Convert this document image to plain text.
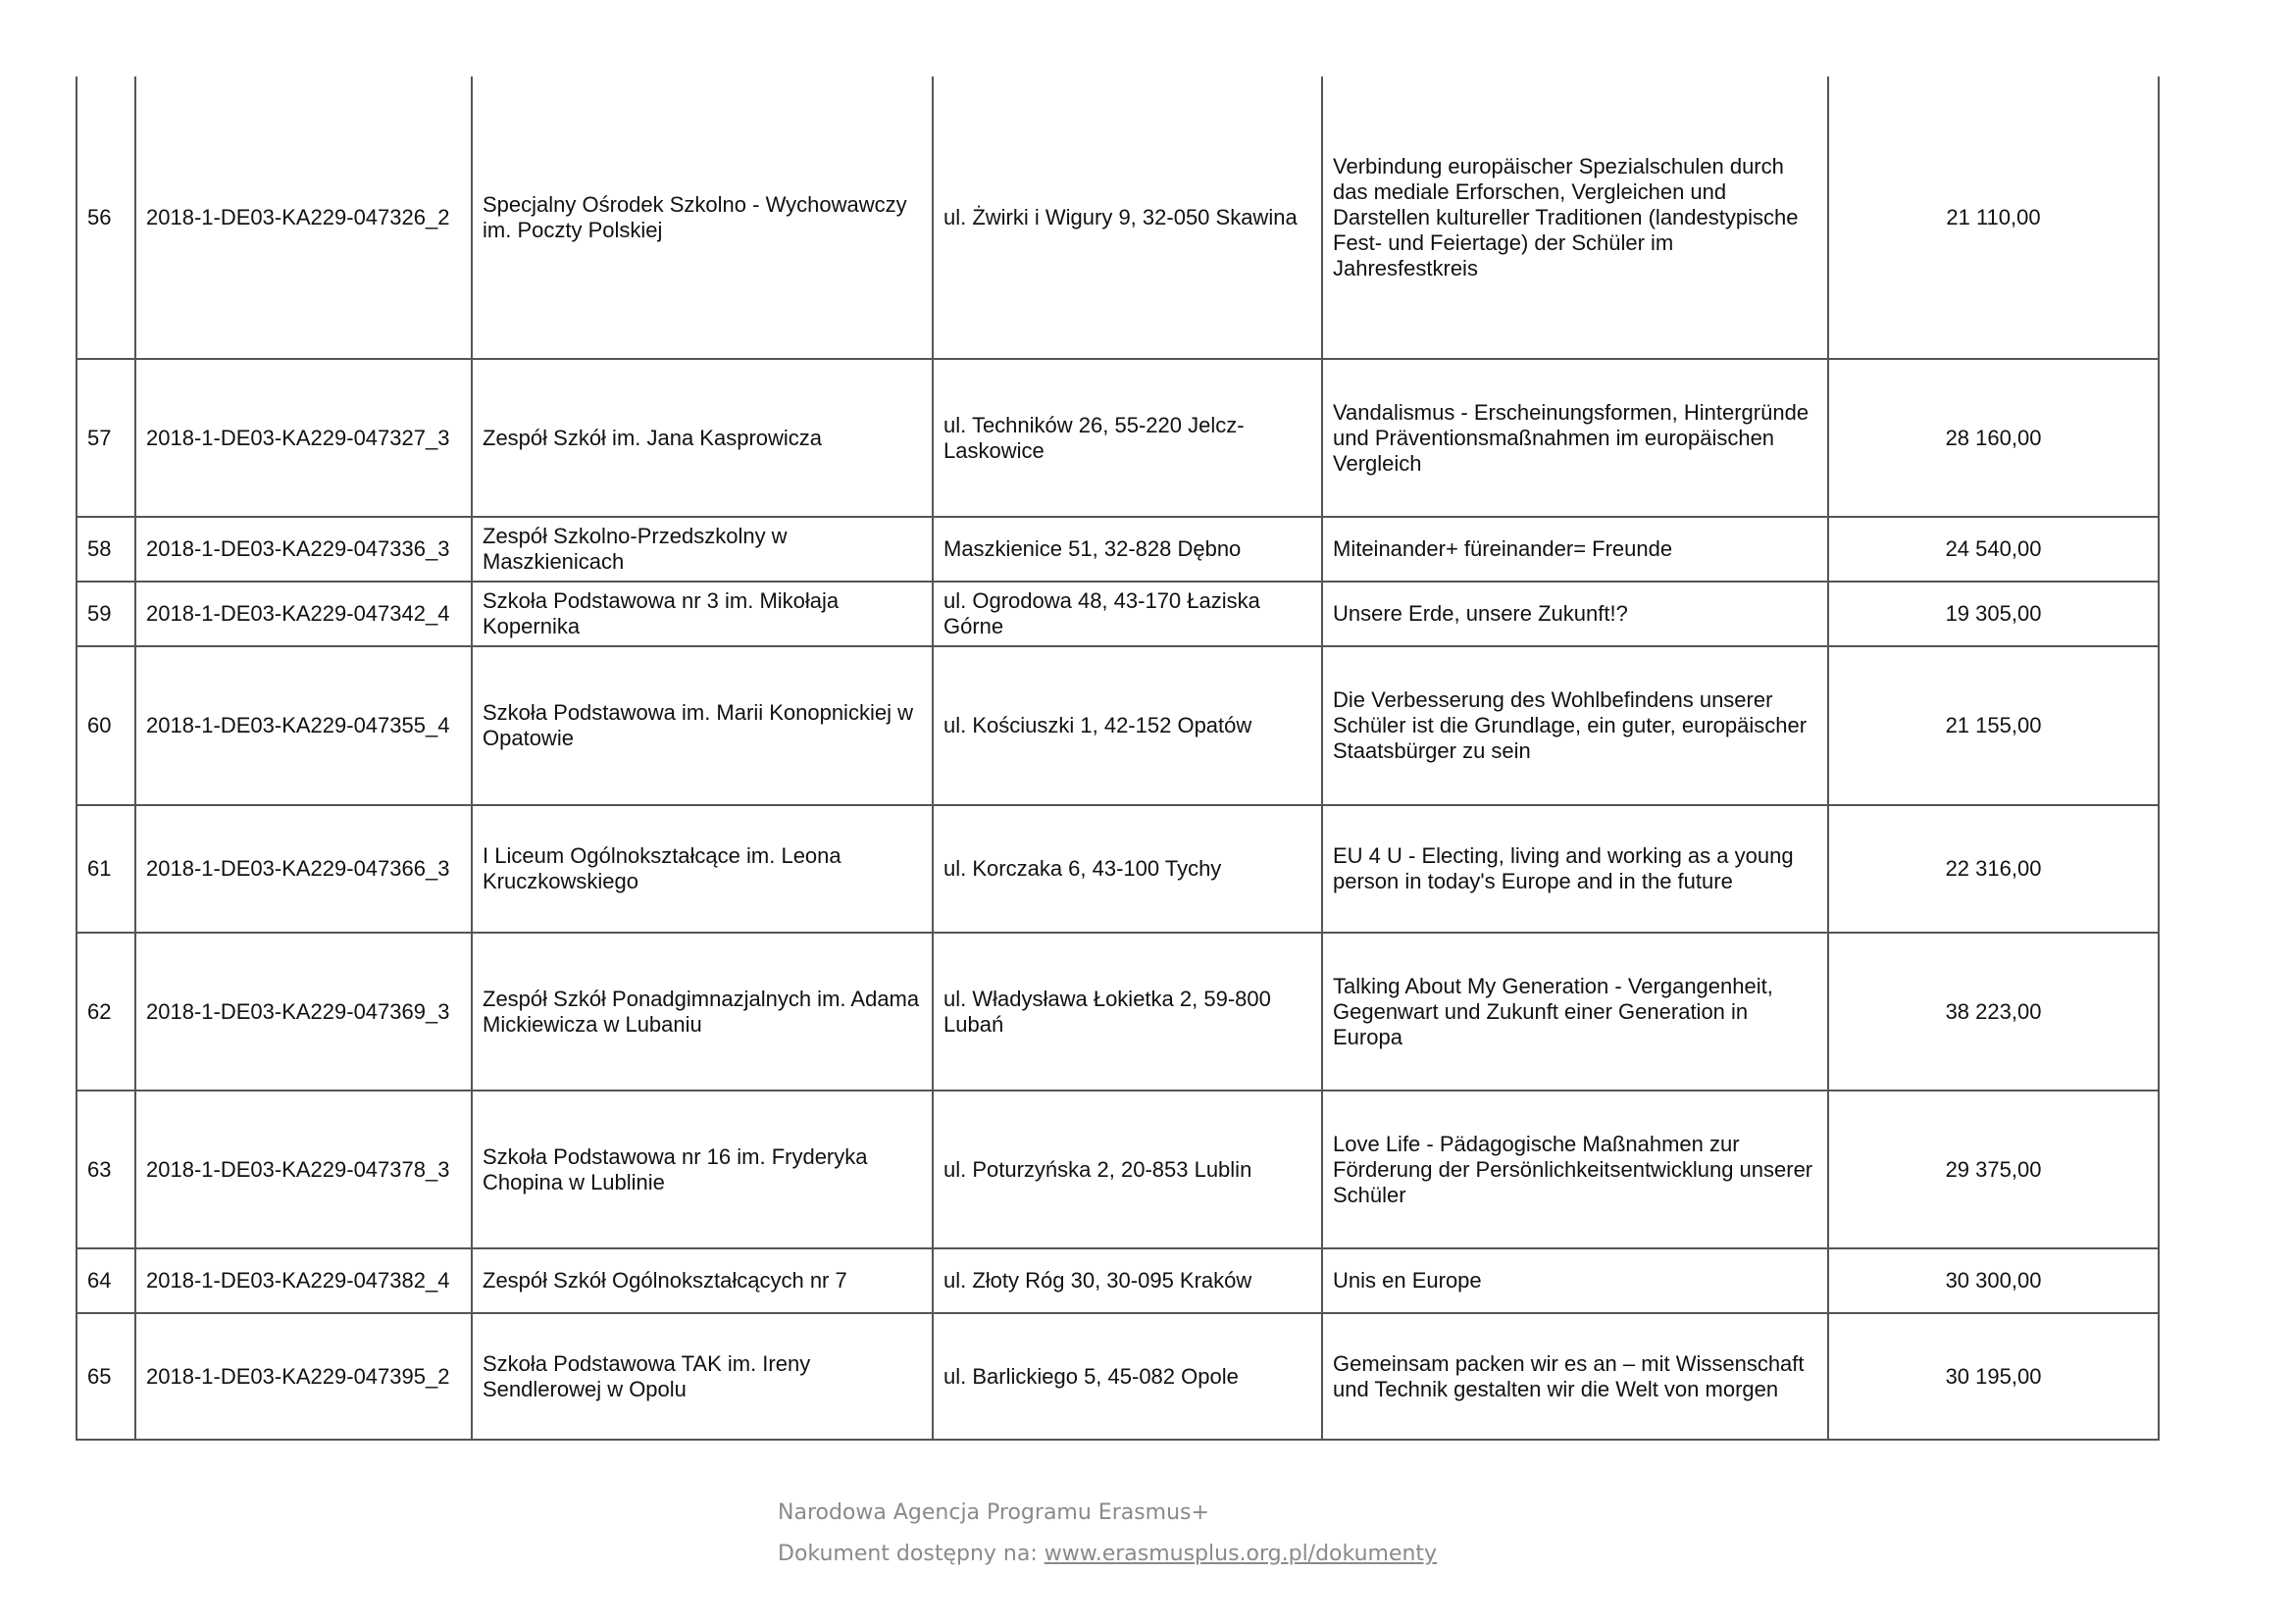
56	2018-1-DE03-KA229-047326_2	Specjalny Ośrodek Szkolno - Wychowawczy im. Poczty Polskiej	ul. Żwirki i Wigury 9, 32-050 Skawina	Verbindung europäischer Spezialschulen durch das mediale Erforschen, Vergleichen und Darstellen kultureller Traditionen (landestypische Fest- und Feiertage) der Schüler im Jahresfestkreis	21 110,00
57	2018-1-DE03-KA229-047327_3	Zespół Szkół im. Jana Kasprowicza	ul. Techników 26, 55-220 Jelcz-Laskowice	Vandalismus - Erscheinungsformen, Hintergründe und Präventionsmaßnahmen im europäischen Vergleich	28 160,00
58	2018-1-DE03-KA229-047336_3	Zespół Szkolno-Przedszkolny w Maszkienicach	Maszkienice 51, 32-828 Dębno	Miteinander+ füreinander= Freunde	24 540,00
59	2018-1-DE03-KA229-047342_4	Szkoła Podstawowa nr 3 im. Mikołaja Kopernika	ul. Ogrodowa 48, 43-170 Łaziska Górne	Unsere Erde, unsere Zukunft!?	19 305,00
60	2018-1-DE03-KA229-047355_4	Szkoła Podstawowa im. Marii Konopnickiej w Opatowie	ul. Kościuszki 1, 42-152 Opatów	Die Verbesserung des Wohlbefindens unserer Schüler ist die Grundlage, ein guter, europäischer Staatsbürger zu sein	21 155,00
61	2018-1-DE03-KA229-047366_3	I Liceum Ogólnokształcące im. Leona Kruczkowskiego	ul. Korczaka 6, 43-100 Tychy	EU 4 U - Electing, living and working as a young person in today's Europe and in the future	22 316,00
62	2018-1-DE03-KA229-047369_3	Zespół Szkół Ponadgimnazjalnych im. Adama Mickiewicza w Lubaniu	ul. Władysława Łokietka 2, 59-800 Lubań	Talking About My Generation - Vergangenheit, Gegenwart und Zukunft einer Generation in Europa	38 223,00
63	2018-1-DE03-KA229-047378_3	Szkoła Podstawowa nr 16 im. Fryderyka Chopina w Lublinie	ul. Poturzyńska 2, 20-853 Lublin	Love Life - Pädagogische Maßnahmen zur Förderung der Persönlichkeitsentwicklung unserer Schüler	29 375,00
64	2018-1-DE03-KA229-047382_4	Zespół Szkół Ogólnokształcących nr 7	ul. Złoty Róg 30, 30-095 Kraków	Unis en Europe	30 300,00
65	2018-1-DE03-KA229-047395_2	Szkoła Podstawowa TAK im. Ireny Sendlerowej w Opolu	ul. Barlickiego 5, 45-082 Opole	Gemeinsam packen wir es an – mit Wissenschaft und Technik gestalten wir die Welt von morgen	30 195,00
Narodowa Agencja Programu Erasmus+
Dokument dostępny na: www.erasmusplus.org.pl/dokumenty
